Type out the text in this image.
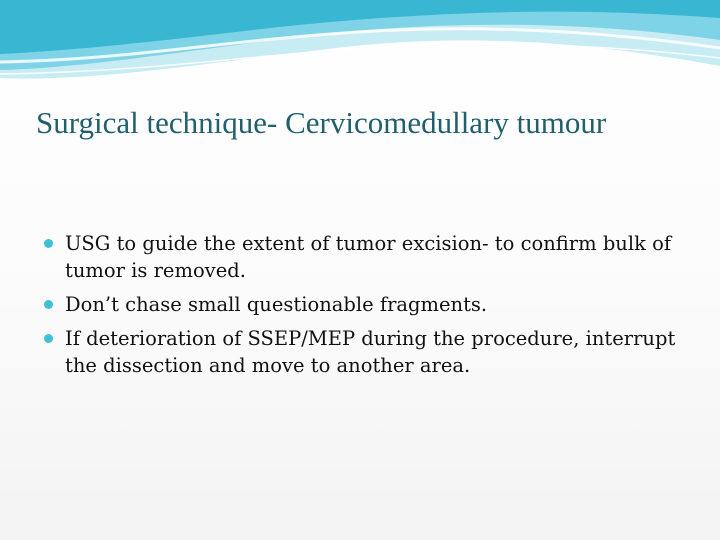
Surgical technique- Cervicomedullary tumour
USG to guide the extent of tumor excision- to confirm bulk of tumor is removed.
Don’t chase small questionable fragments.
If deterioration of SSEP/MEP during the procedure, interrupt the dissection and move to another area.
